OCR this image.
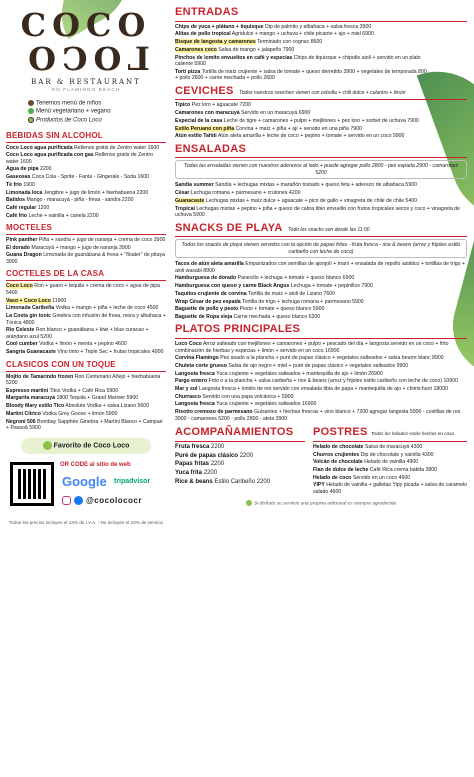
COCO
LOCO
BAR & RESTAURANT
ON FLAMINGO BEACH
Tenemos menú de niños
Menú vegetariano + vegano
Productos de Coco Loco
BEBIDAS SIN ALCOHOL
Coco Loco agua purificada Rellenos gratis de Zentro water 1600
Coco Loco agua purificada con gas Rellenos gratis de Zentro water 1600
Agua de pipa 2200
Gaseosas Coca Cola - Sprite - Fanta - Gingerale - Soda 1600
Té frío 1900
Limonada loca Jengibre + jugo de limón + hierbabuena 2200
Batidos Mango - maracuyá - piña - fresa - sandía 2200
Café regular 1200
Café frio Leche + vainilla + canela 2200
MOCTELES
Pink panther Piña + sandía + jugo de naranja + crema de coco 3900
El dorado Maracuyá + mango + jugo de naranja 3900
Guana Dragon Limonada de guanábana & fresa + "floater" de pitaya 3900
COCTELES DE LA CASA
Coco Loco Ron + guaro + tequila + crema de coco + agua de pipa 5400
Vaso + Coco Loco 11900
Limonada Caribeña Vodka + mango + piña + leche de coco 4500
La Costa gin tonic Ginebra con infusión de fresa, mora y albahaca + Tónica 4800
Rio Celeste Ron blanco + guanábana + kiwi + blue curacao + arándano azul 5200
Cool cumber Vodka + limón + menta + pepino 4600
Sangria Guanacaste Vino tinto + Triple Sec + frutas tropicales 4900
CLASICOS CON UN TOQUE
Mojito de Tamarindo frozen Ron Centenario Añejo + hierbabuena 5200
Espresso martini Titos Vodka + Café Rica 5900
Margarita maracuyá 1800 Tequila + Grand Marnier 5900
Bloody Mary estilo Tico Absolute Vodka + salsa Lizano 5600
Martini Cítrico Vodka Grey Goose + limón 5900
Negroni 506 Bombay Sapphire Ginebra + Martini Blanco + Campari + Passoã 5900
Favorito de Coco Loco
OR CODE al sitio de web
Google tripadvisor
@cocolococr
Todos los precios incluyen el 13% de I.V.A. - No incluyen el 10% de servicio
ENTRADAS
Chips de yuca + plátano + tiquisque Dip de palmito y albahaca + salsa fresca 3900
Alitas de pollo tropical Agridulce + mango + uchuva + chile picante + ajo + miel 6900
Bisque de langosta y camarones Terminado con cognac 8600
Camarones coco Salsa de mango + jalapeño 7900
Pinchos de lomito envueltos en café y especias Chips de tiquisque + chipotle aioli + servido en un plato caliente 5900
Torti pizza Tortilla de maíz crujiente + salsa de tomate + queso derretido 3900 + vegetales de temporada 800 + pollo 2600 + carne mechada + pollo 2600
CEVICHES Todos nuestros ceviches vienen con cebolla + chili dulce + culantro + limón
Típico Pez loro + aguacate 7200
Camarones con maracuyá Servido en un maracuyá 6900
Especial de la casa Leche de tigre + camarones + pulpo + mejillones + pez loro + sorbet de uchuva 7900
Estilo Peruano con piña Corvina + maíz + piña + ají + servido en una piña 7900
Atún estilo Tahiti Atún aleta amarilla + leche de coco + pepino + tomate + servido en un coco 9900
ENSALADAS
Todas las ensaladas vienen con nuestros aderezos al lado + puede agregar pollo 2800 - pez espada 2900 - camarones 5200
Sandía summer Sandía + lechugas mixtas + marañón tostado + queso feta + aderezo de albahaca 5900
César Lechuga romana + parmesano + crutones 4200
Guanacaste Lechugas mixtas + maíz dulce + aguacate + pico de gallo + vinagreta de chile de chile 5400
Tropical Lechugas mixtas + pepino + piña + queso de cabra tibio envuelto con frutos tropicales secos y coco + vinagreta de uchuva 5900
SNACKS DE PLAYA Todo los snacks son desde las 11:00
Todos los snacks de playa vienen servidos con la opción de papas fritas - fruta fresca - rice & beans (arroz y frijoles estilo caribeño con leche de coco)
Tacos de atún aleta amarilla Empanizados con semillas de ajonjolí + maní + ensalada de repollo asiático + tortillas de trigo + aioli wasabi 8900
Hamburguesa de dorado Panecillo + lechuga + tomate + queso blanco 6900
Hamburguesa con queso y carne Black Angus Lechuga + tomate + pepinillos 7900
Taquitos crujiente de corvina Tortilla de maíz + aioli de Lizano 7600
Wrap César de pez espada Tortilla de trigo + lechuga romana + parmesano 5900
Baguette de pollo y pesto Pesto + tomate + queso blanco 5900
Baguette de Ropa vieja Carne mechada + queso blanco 6200
PLATOS PRINCIPALES
Loco Coco Arroz salteado con mejillones + camarones + pulpo + pescado del día + langosta servido en un coco + frito combinación de hierbas y especias + limón + servido en un coco 16900
Corvina Flamingo Pez asado a la plancha + puré de papas clásico + vegetales salteados + salsa beurre blanc 8900
Chuleta corte grueso Salsa de ajo negro + miel + puré de papas clásico + vegetales salteados 9900
Langosta fresca Yuca crujiente + vegetales salteados + mantequilla de ajo + limón 26900
Pargo entero Frito o a la plancha + salsa caribeña + rice & beans (arroz y frijoles estilo caribeño con leche de coco) 10900
Mar y sol Langosta fresca + lomito de res servido con ensalada tibia de papa + mantequilla de ajo + chimichurri 18000
Churrasco Servido con una papa volcánica + 5900
Langosta fresca Yuca crujiente + vegetales salteados 16900
Risotto cremoso de parmesano Guisantes + hierbas frescas + vino blanco + 7200 agregar langosta 5900 - costillas de res 3900 - camarones 5200 - pollo 2800 - aleta 3900
ACOMPAÑAMIENTOS
Fruta fresca 2200
Puré de papas clásico 2200
Papas fritas 2200
Yuca frita 2200
Rice & beans Estilo Caribeño 2200
POSTRES Todos los helados están hechos en casa
Helado de chocolate Salsa de maracuyá 4300
Churros crujientes Dip de chocolate y vainilla 4300
Volcán de chocolate Helado de vainilla 4900
Flan de dulce de leche Café Rica crema batida 3800
Helado de coco Servido en un coco 4600
YIPY Helado de vainilla + galletas Yipy picada + salsa de caramelo salado 4600
Si disfruto su servicio una propina adicional es siempre agradecida
